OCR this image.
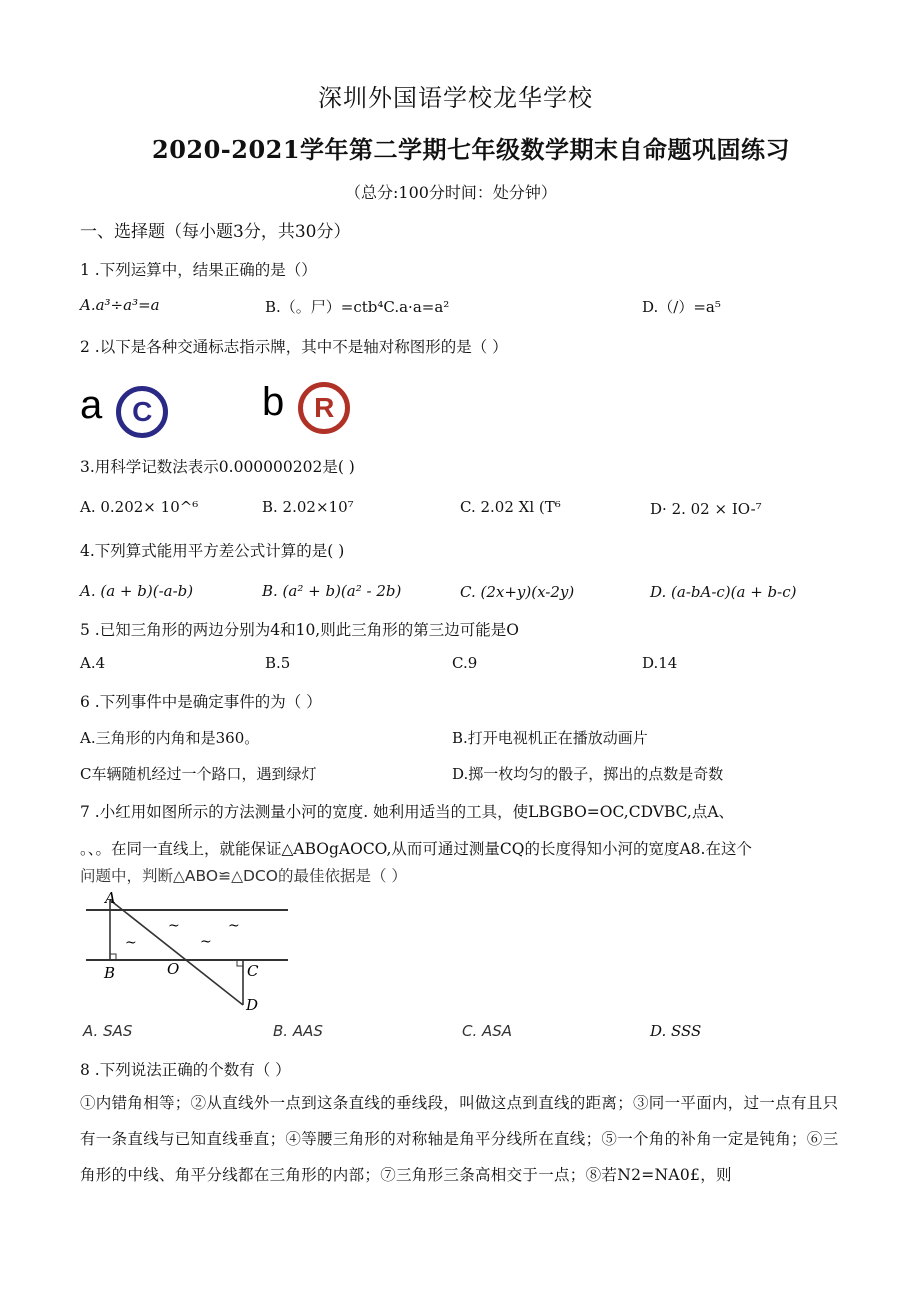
深圳外国语学校龙华学校
2020-2021学年第二学期七年级数学期末自命题巩固练习
（总分:100分时间：处分钟）
一、选择题（每小题3分，共30分）
1 .下列运算中，结果正确的是（）
A.a³÷a³=a	B.（。尸）=ctb⁴C.a·a=a²	D.（/）=a⁵
2 .以下是各种交通标志指示牌，其中不是轴对称图形的是（ ）
a C	b R
3.用科学记数法表示0.000000202是( )
A. 0.202× 10^⁶	B. 2.02×10⁷	C. 2.02 Xl (T⁶	D· 2. 02 × IO-⁷
4.下列算式能用平方差公式计算的是( )
A. (a + b)(-a-b)	B. (a² + b)(a² - 2b)	C. (2x+y)(x-2y)	D. (a-bA-c)(a + b-c)
5 .已知三角形的两边分别为4和10,则此三角形的第三边可能是O
A.4	B.5	C.9	D.14
6 .下列事件中是确定事件的为（ ）
A.三角形的内角和是360。	B.打开电视机正在播放动画片
C车辆随机经过一个路口，遇到绿灯	D.掷一枚均匀的骰子，掷出的点数是奇数
7 .小红用如图所示的方法测量小河的宽度. 她利用适当的工具，使LBGBO=OC,CDVBC,点A、
。、。在同一直线上，就能保证△ABOgAOCO,从而可通过测量CQ的长度得知小河的宽度A8.在这个
问题中，判断△ABO≌△DCO的最佳依据是（ ）
A
B	O	C
D
~	~
~	~
A. SAS	B. AAS	C. ASA	D. SSS
8 .下列说法正确的个数有（ ）
①内错角相等；②从直线外一点到这条直线的垂线段，叫做这点到直线的距离；③同一平面内，过一点有且只有一条直线与已知直线垂直；④等腰三角形的对称轴是角平分线所在直线；⑤一个角的补角一定是钝角；⑥三角形的中线、角平分线都在三角形的内部；⑦三角形三条高相交于一点；⑧若N2=NA0£，则
